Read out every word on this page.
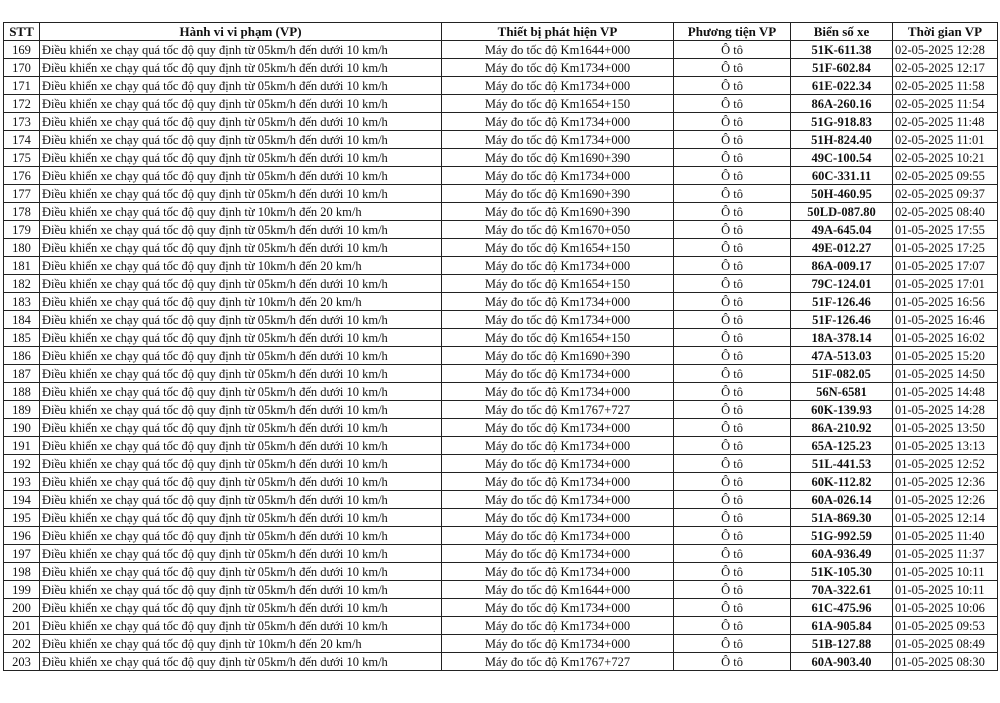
STT	Hành vi vi phạm (VP)	Thiết bị phát hiện VP	Phương tiện VP	Biển số xe	Thời gian VP
169	Điều khiển xe chạy quá tốc độ quy định từ 05km/h đến dưới 10 km/h	Máy đo tốc độ Km1644+000	Ô tô	51K-611.38	02-05-2025 12:28
170	Điều khiển xe chạy quá tốc độ quy định từ 05km/h đến dưới 10 km/h	Máy đo tốc độ Km1734+000	Ô tô	51F-602.84	02-05-2025 12:17
171	Điều khiển xe chạy quá tốc độ quy định từ 05km/h đến dưới 10 km/h	Máy đo tốc độ Km1734+000	Ô tô	61E-022.34	02-05-2025 11:58
172	Điều khiển xe chạy quá tốc độ quy định từ 05km/h đến dưới 10 km/h	Máy đo tốc độ Km1654+150	Ô tô	86A-260.16	02-05-2025 11:54
173	Điều khiển xe chạy quá tốc độ quy định từ 05km/h đến dưới 10 km/h	Máy đo tốc độ Km1734+000	Ô tô	51G-918.83	02-05-2025 11:48
174	Điều khiển xe chạy quá tốc độ quy định từ 05km/h đến dưới 10 km/h	Máy đo tốc độ Km1734+000	Ô tô	51H-824.40	02-05-2025 11:01
175	Điều khiển xe chạy quá tốc độ quy định từ 05km/h đến dưới 10 km/h	Máy đo tốc độ Km1690+390	Ô tô	49C-100.54	02-05-2025 10:21
176	Điều khiển xe chạy quá tốc độ quy định từ 05km/h đến dưới 10 km/h	Máy đo tốc độ Km1734+000	Ô tô	60C-331.11	02-05-2025 09:55
177	Điều khiển xe chạy quá tốc độ quy định từ 05km/h đến dưới 10 km/h	Máy đo tốc độ Km1690+390	Ô tô	50H-460.95	02-05-2025 09:37
178	Điều khiển xe chạy quá tốc độ quy định từ 10km/h đến 20 km/h	Máy đo tốc độ Km1690+390	Ô tô	50LD-087.80	02-05-2025 08:40
179	Điều khiển xe chạy quá tốc độ quy định từ 05km/h đến dưới 10 km/h	Máy đo tốc độ Km1670+050	Ô tô	49A-645.04	01-05-2025 17:55
180	Điều khiển xe chạy quá tốc độ quy định từ 05km/h đến dưới 10 km/h	Máy đo tốc độ Km1654+150	Ô tô	49E-012.27	01-05-2025 17:25
181	Điều khiển xe chạy quá tốc độ quy định từ 10km/h đến 20 km/h	Máy đo tốc độ Km1734+000	Ô tô	86A-009.17	01-05-2025 17:07
182	Điều khiển xe chạy quá tốc độ quy định từ 05km/h đến dưới 10 km/h	Máy đo tốc độ Km1654+150	Ô tô	79C-124.01	01-05-2025 17:01
183	Điều khiển xe chạy quá tốc độ quy định từ 10km/h đến 20 km/h	Máy đo tốc độ Km1734+000	Ô tô	51F-126.46	01-05-2025 16:56
184	Điều khiển xe chạy quá tốc độ quy định từ 05km/h đến dưới 10 km/h	Máy đo tốc độ Km1734+000	Ô tô	51F-126.46	01-05-2025 16:46
185	Điều khiển xe chạy quá tốc độ quy định từ 05km/h đến dưới 10 km/h	Máy đo tốc độ Km1654+150	Ô tô	18A-378.14	01-05-2025 16:02
186	Điều khiển xe chạy quá tốc độ quy định từ 05km/h đến dưới 10 km/h	Máy đo tốc độ Km1690+390	Ô tô	47A-513.03	01-05-2025 15:20
187	Điều khiển xe chạy quá tốc độ quy định từ 05km/h đến dưới 10 km/h	Máy đo tốc độ Km1734+000	Ô tô	51F-082.05	01-05-2025 14:50
188	Điều khiển xe chạy quá tốc độ quy định từ 05km/h đến dưới 10 km/h	Máy đo tốc độ Km1734+000	Ô tô	56N-6581	01-05-2025 14:48
189	Điều khiển xe chạy quá tốc độ quy định từ 05km/h đến dưới 10 km/h	Máy đo tốc độ Km1767+727	Ô tô	60K-139.93	01-05-2025 14:28
190	Điều khiển xe chạy quá tốc độ quy định từ 05km/h đến dưới 10 km/h	Máy đo tốc độ Km1734+000	Ô tô	86A-210.92	01-05-2025 13:50
191	Điều khiển xe chạy quá tốc độ quy định từ 05km/h đến dưới 10 km/h	Máy đo tốc độ Km1734+000	Ô tô	65A-125.23	01-05-2025 13:13
192	Điều khiển xe chạy quá tốc độ quy định từ 05km/h đến dưới 10 km/h	Máy đo tốc độ Km1734+000	Ô tô	51L-441.53	01-05-2025 12:52
193	Điều khiển xe chạy quá tốc độ quy định từ 05km/h đến dưới 10 km/h	Máy đo tốc độ Km1734+000	Ô tô	60K-112.82	01-05-2025 12:36
194	Điều khiển xe chạy quá tốc độ quy định từ 05km/h đến dưới 10 km/h	Máy đo tốc độ Km1734+000	Ô tô	60A-026.14	01-05-2025 12:26
195	Điều khiển xe chạy quá tốc độ quy định từ 05km/h đến dưới 10 km/h	Máy đo tốc độ Km1734+000	Ô tô	51A-869.30	01-05-2025 12:14
196	Điều khiển xe chạy quá tốc độ quy định từ 05km/h đến dưới 10 km/h	Máy đo tốc độ Km1734+000	Ô tô	51G-992.59	01-05-2025 11:40
197	Điều khiển xe chạy quá tốc độ quy định từ 05km/h đến dưới 10 km/h	Máy đo tốc độ Km1734+000	Ô tô	60A-936.49	01-05-2025 11:37
198	Điều khiển xe chạy quá tốc độ quy định từ 05km/h đến dưới 10 km/h	Máy đo tốc độ Km1734+000	Ô tô	51K-105.30	01-05-2025 10:11
199	Điều khiển xe chạy quá tốc độ quy định từ 05km/h đến dưới 10 km/h	Máy đo tốc độ Km1644+000	Ô tô	70A-322.61	01-05-2025 10:11
200	Điều khiển xe chạy quá tốc độ quy định từ 05km/h đến dưới 10 km/h	Máy đo tốc độ Km1734+000	Ô tô	61C-475.96	01-05-2025 10:06
201	Điều khiển xe chạy quá tốc độ quy định từ 05km/h đến dưới 10 km/h	Máy đo tốc độ Km1734+000	Ô tô	61A-905.84	01-05-2025 09:53
202	Điều khiển xe chạy quá tốc độ quy định từ 10km/h đến 20 km/h	Máy đo tốc độ Km1734+000	Ô tô	51B-127.88	01-05-2025 08:49
203	Điều khiển xe chạy quá tốc độ quy định từ 05km/h đến dưới 10 km/h	Máy đo tốc độ Km1767+727	Ô tô	60A-903.40	01-05-2025 08:30
